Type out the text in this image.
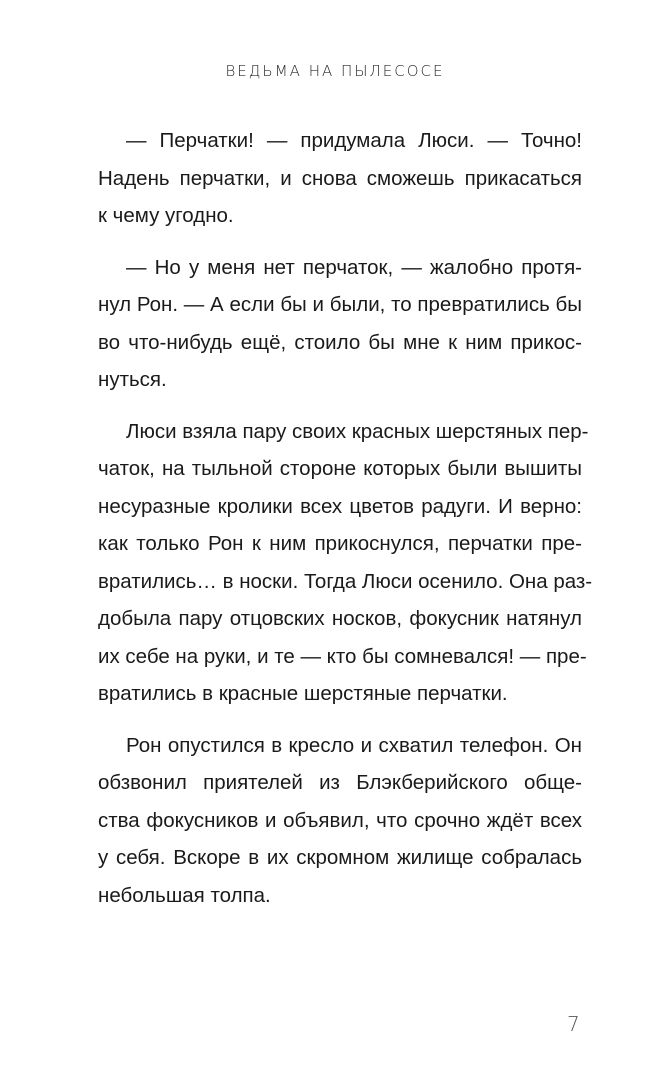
ВЕДЬМА НА ПЫЛЕСОСЕ

— Перчатки! — придумала Люси. — Точно!
Надень перчатки, и снова сможешь прикасаться
к чему угодно.

— Но у меня нет перчаток, — жалобно протя-
нул Рон. — А если бы и были, то превратились бы
во что-нибудь ещё, стоило бы мне к ним прикос-
нуться.

Люси взяла пару своих красных шерстяных пер-
чаток, на тыльной стороне которых были вышиты
несуразные кролики всех цветов радуги. И верно:
как только Рон к ним прикоснулся, перчатки пре-
вратились… в носки. Тогда Люси осенило. Она раз-
добыла пару отцовских носков, фокусник натянул
их себе на руки, и те — кто бы сомневался! — пре-
вратились в красные шерстяные перчатки.

Рон опустился в кресло и схватил телефон. Он
обзвонил приятелей из Блэкберийского обще-
ства фокусников и объявил, что срочно ждёт всех
у себя. Вскоре в их скромном жилище собралась
небольшая толпа.

7
